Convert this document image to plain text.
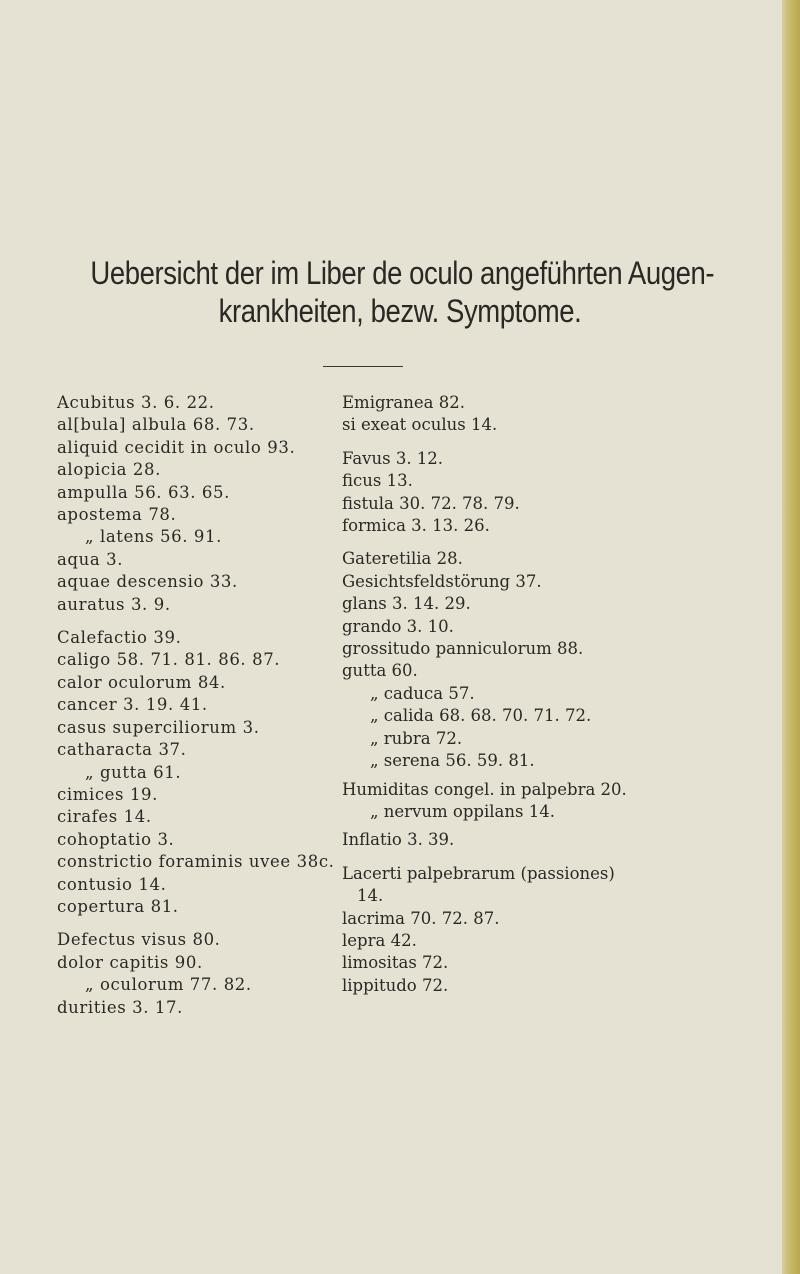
Uebersicht der im Liber de oculo angeführten Augen-
krankheiten, bezw. Symptome.
Acubitus 3. 6. 22.
al[bula] albula 68. 73.
aliquid cecidit in oculo 93.
alopicia 28.
ampulla 56. 63. 65.
apostema 78.
„ latens 56. 91.
aqua 3.
aquae descensio 33.
auratus 3. 9.
Calefactio 39.
caligo 58. 71. 81. 86. 87.
calor oculorum 84.
cancer 3. 19. 41.
casus superciliorum 3.
catharacta 37.
„ gutta 61.
cimices 19.
cirafes 14.
cohoptatio 3.
constrictio foraminis uvee 38c.
contusio 14.
copertura 81.
Defectus visus 80.
dolor capitis 90.
„ oculorum 77. 82.
durities 3. 17.
Emigranea 82.
si exeat oculus 14.
Favus 3. 12.
ficus 13.
fistula 30. 72. 78. 79.
formica 3. 13. 26.
Gateretilia 28.
Gesichtsfeldstörung 37.
glans 3. 14. 29.
grando 3. 10.
grossitudo panniculorum 88.
gutta 60.
„ caduca 57.
„ calida 68. 68. 70. 71. 72.
„ rubra 72.
„ serena 56. 59. 81.
Humiditas congel. in palpebra 20.
„ nervum oppilans 14.
Inflatio 3. 39.
Lacerti palpebrarum (passiones)
14.
lacrima 70. 72. 87.
lepra 42.
limositas 72.
lippitudo 72.
